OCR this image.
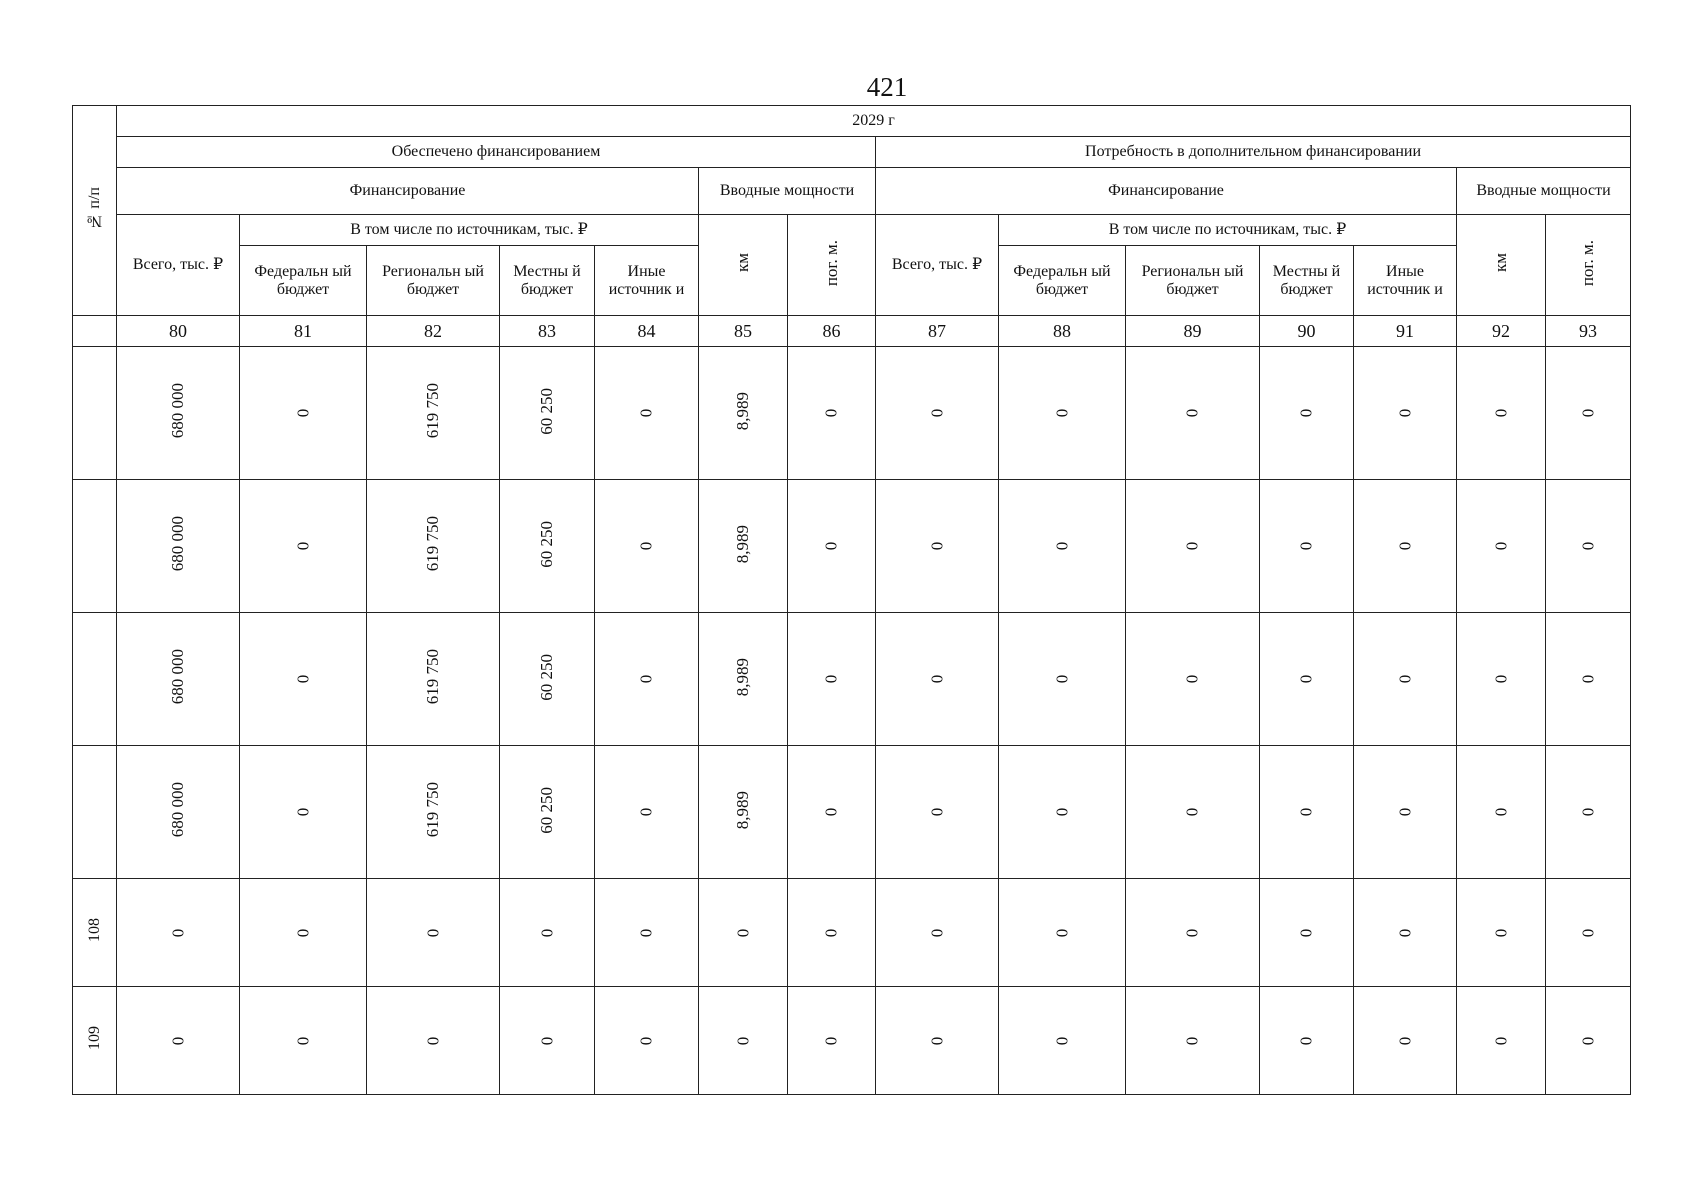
421
№ п/п	2029 г													
	Обеспечено финансированием							Потребность в дополнительном финансировании						
	Финансирование					Вводные мощности		Финансирование					Вводные мощности	
	Всего, тыс. ₽	В том числе по источникам, тыс. ₽				км	пог. м.	Всего, тыс. ₽	В том числе по источникам, тыс. ₽				км	пог. м.
		Федеральн ый бюджет	Региональн ый бюджет	Местны й бюджет	Иные источник и				Федеральн ый бюджет	Региональн ый бюджет	Местны й бюджет	Иные источник и		
	80	81	82	83	84	85	86	87	88	89	90	91	92	93
	680 000	0	619 750	60 250	0	8,989	0	0	0	0	0	0	0	0
	680 000	0	619 750	60 250	0	8,989	0	0	0	0	0	0	0	0
	680 000	0	619 750	60 250	0	8,989	0	0	0	0	0	0	0	0
	680 000	0	619 750	60 250	0	8,989	0	0	0	0	0	0	0	0
108	0	0	0	0	0	0	0	0	0	0	0	0	0	0
109	0	0	0	0	0	0	0	0	0	0	0	0	0	0
